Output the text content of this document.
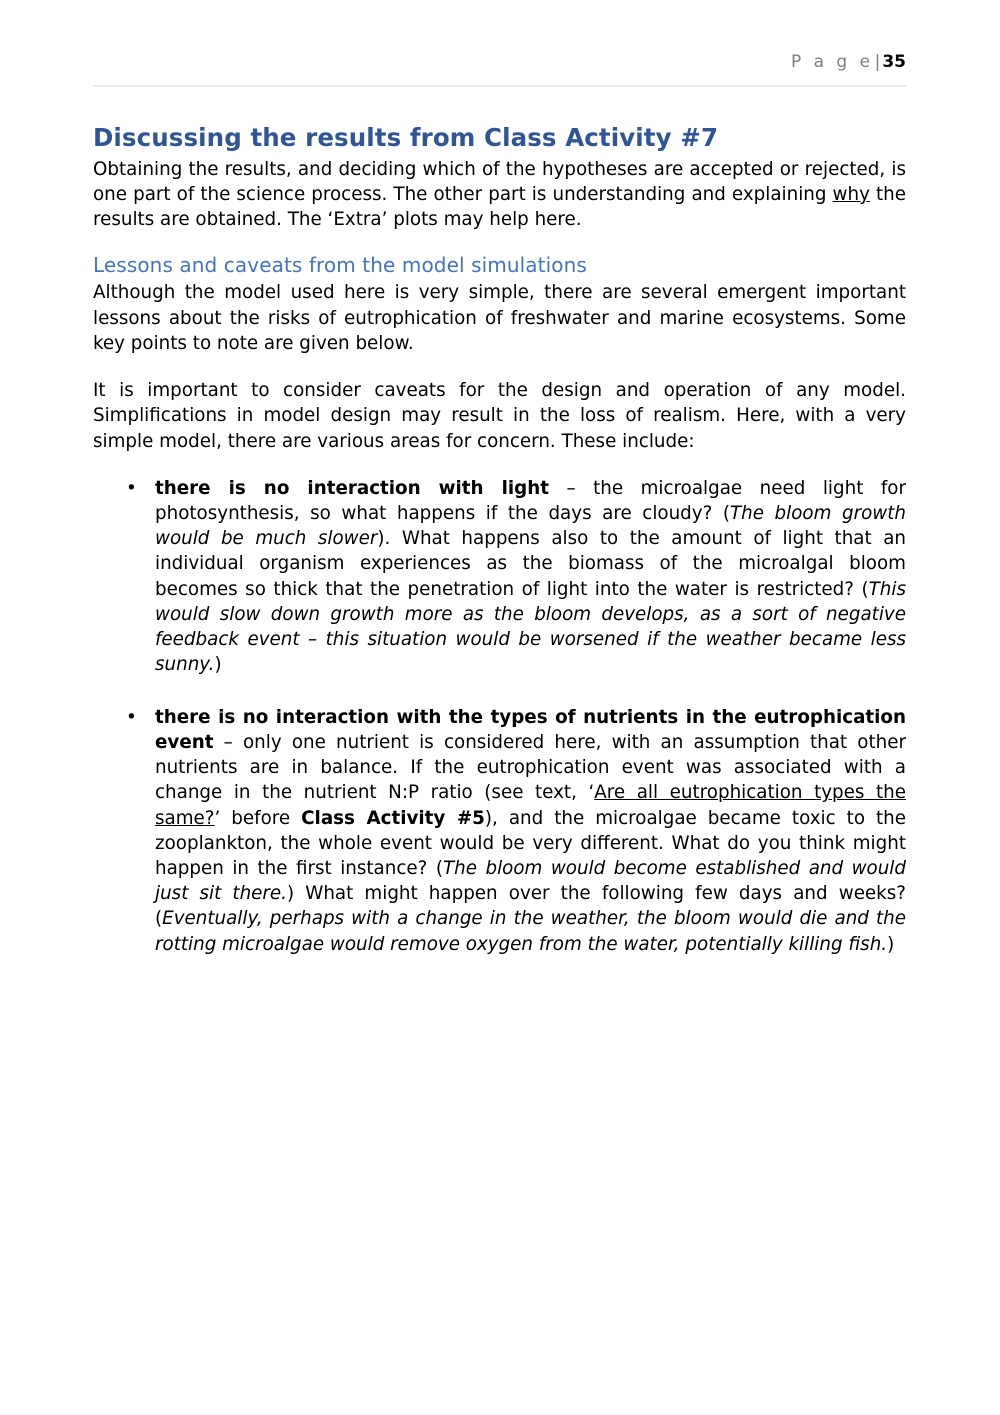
P a g e| 35
Discussing the results from Class Activity #7

Obtaining the results, and deciding which of the hypotheses are accepted or rejected, is one part of the science process. The other part is understanding and explaining why the results are obtained. The ‘Extra’ plots may help here.

Lessons and caveats from the model simulations

Although the model used here is very simple, there are several emergent important lessons about the risks of eutrophication of freshwater and marine ecosystems. Some key points to note are given below.

It is important to consider caveats for the design and operation of any model. Simplifications in model design may result in the loss of realism. Here, with a very simple model, there are various areas for concern. These include:

• there is no interaction with light – the microalgae need light for photosynthesis, so what happens if the days are cloudy? (The bloom growth would be much slower). What happens also to the amount of light that an individual organism experiences as the biomass of the microalgal bloom becomes so thick that the penetration of light into the water is restricted? (This would slow down growth more as the bloom develops, as a sort of negative feedback event – this situation would be worsened if the weather became less sunny.)
• there is no interaction with the types of nutrients in the eutrophication event – only one nutrient is considered here, with an assumption that other nutrients are in balance. If the eutrophication event was associated with a change in the nutrient N:P ratio (see text, ‘Are all eutrophication types the same?’ before Class Activity #5), and the microalgae became toxic to the zooplankton, the whole event would be very different. What do you think might happen in the first instance? (The bloom would become established and would just sit there.) What might happen over the following few days and weeks? (Eventually, perhaps with a change in the weather, the bloom would die and the rotting microalgae would remove oxygen from the water, potentially killing fish.)
